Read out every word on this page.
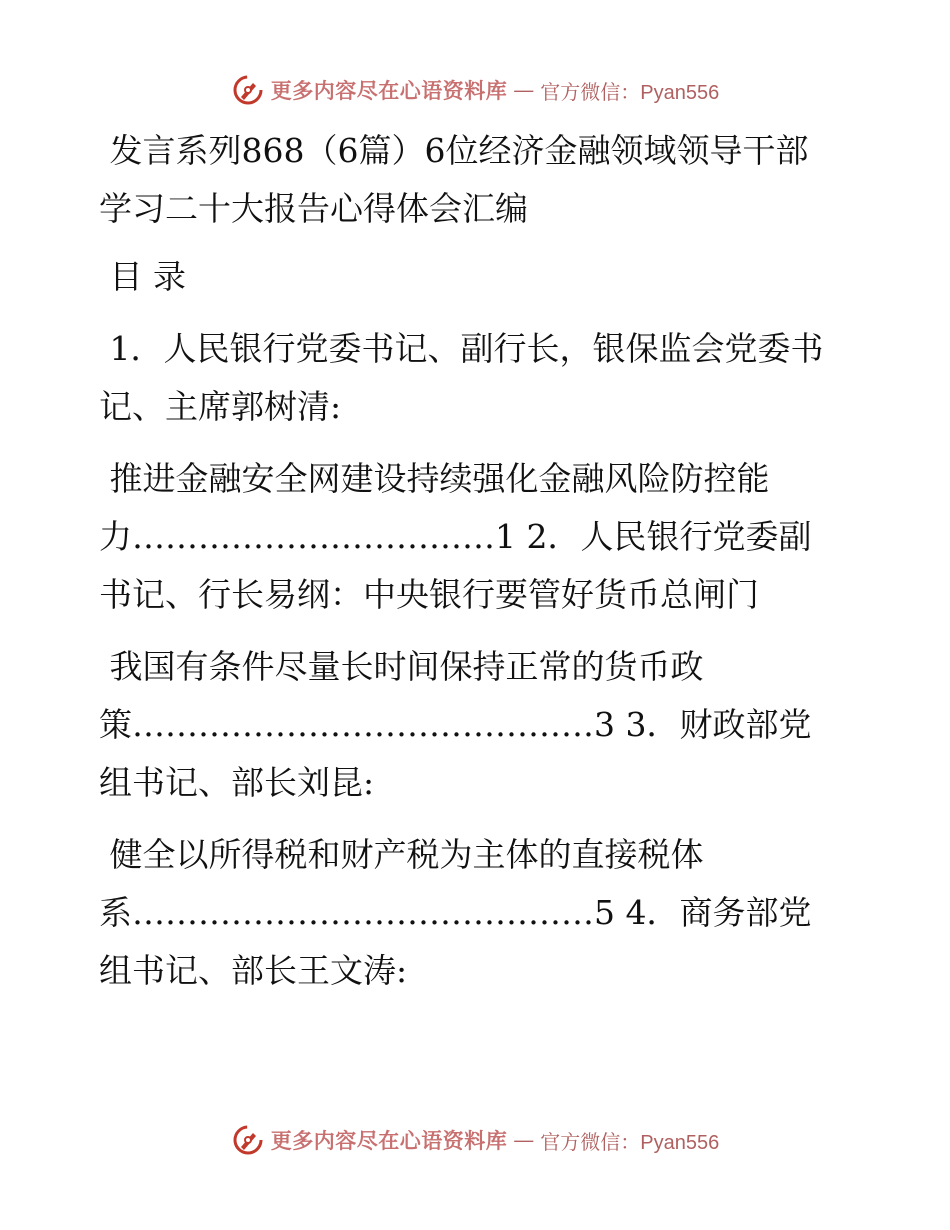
更多内容尽在心语资料库 — 官方微信：Pyan556

发言系列868（6篇）6位经济金融领域领导干部学习二十大报告心得体会汇编

目 录

1．人民银行党委书记、副行长，银保监会党委书记、主席郭树清:

推进金融安全网建设持续强化金融风险防控能力……………………………1 2．人民银行党委副书记、行长易纲：中央银行要管好货币总闸门

我国有条件尽量长时间保持正常的货币政策……………………………………3 3．财政部党组书记、部长刘昆:

健全以所得税和财产税为主体的直接税体系……………………………………5 4．商务部党组书记、部长王文涛:

更多内容尽在心语资料库 — 官方微信：Pyan556
